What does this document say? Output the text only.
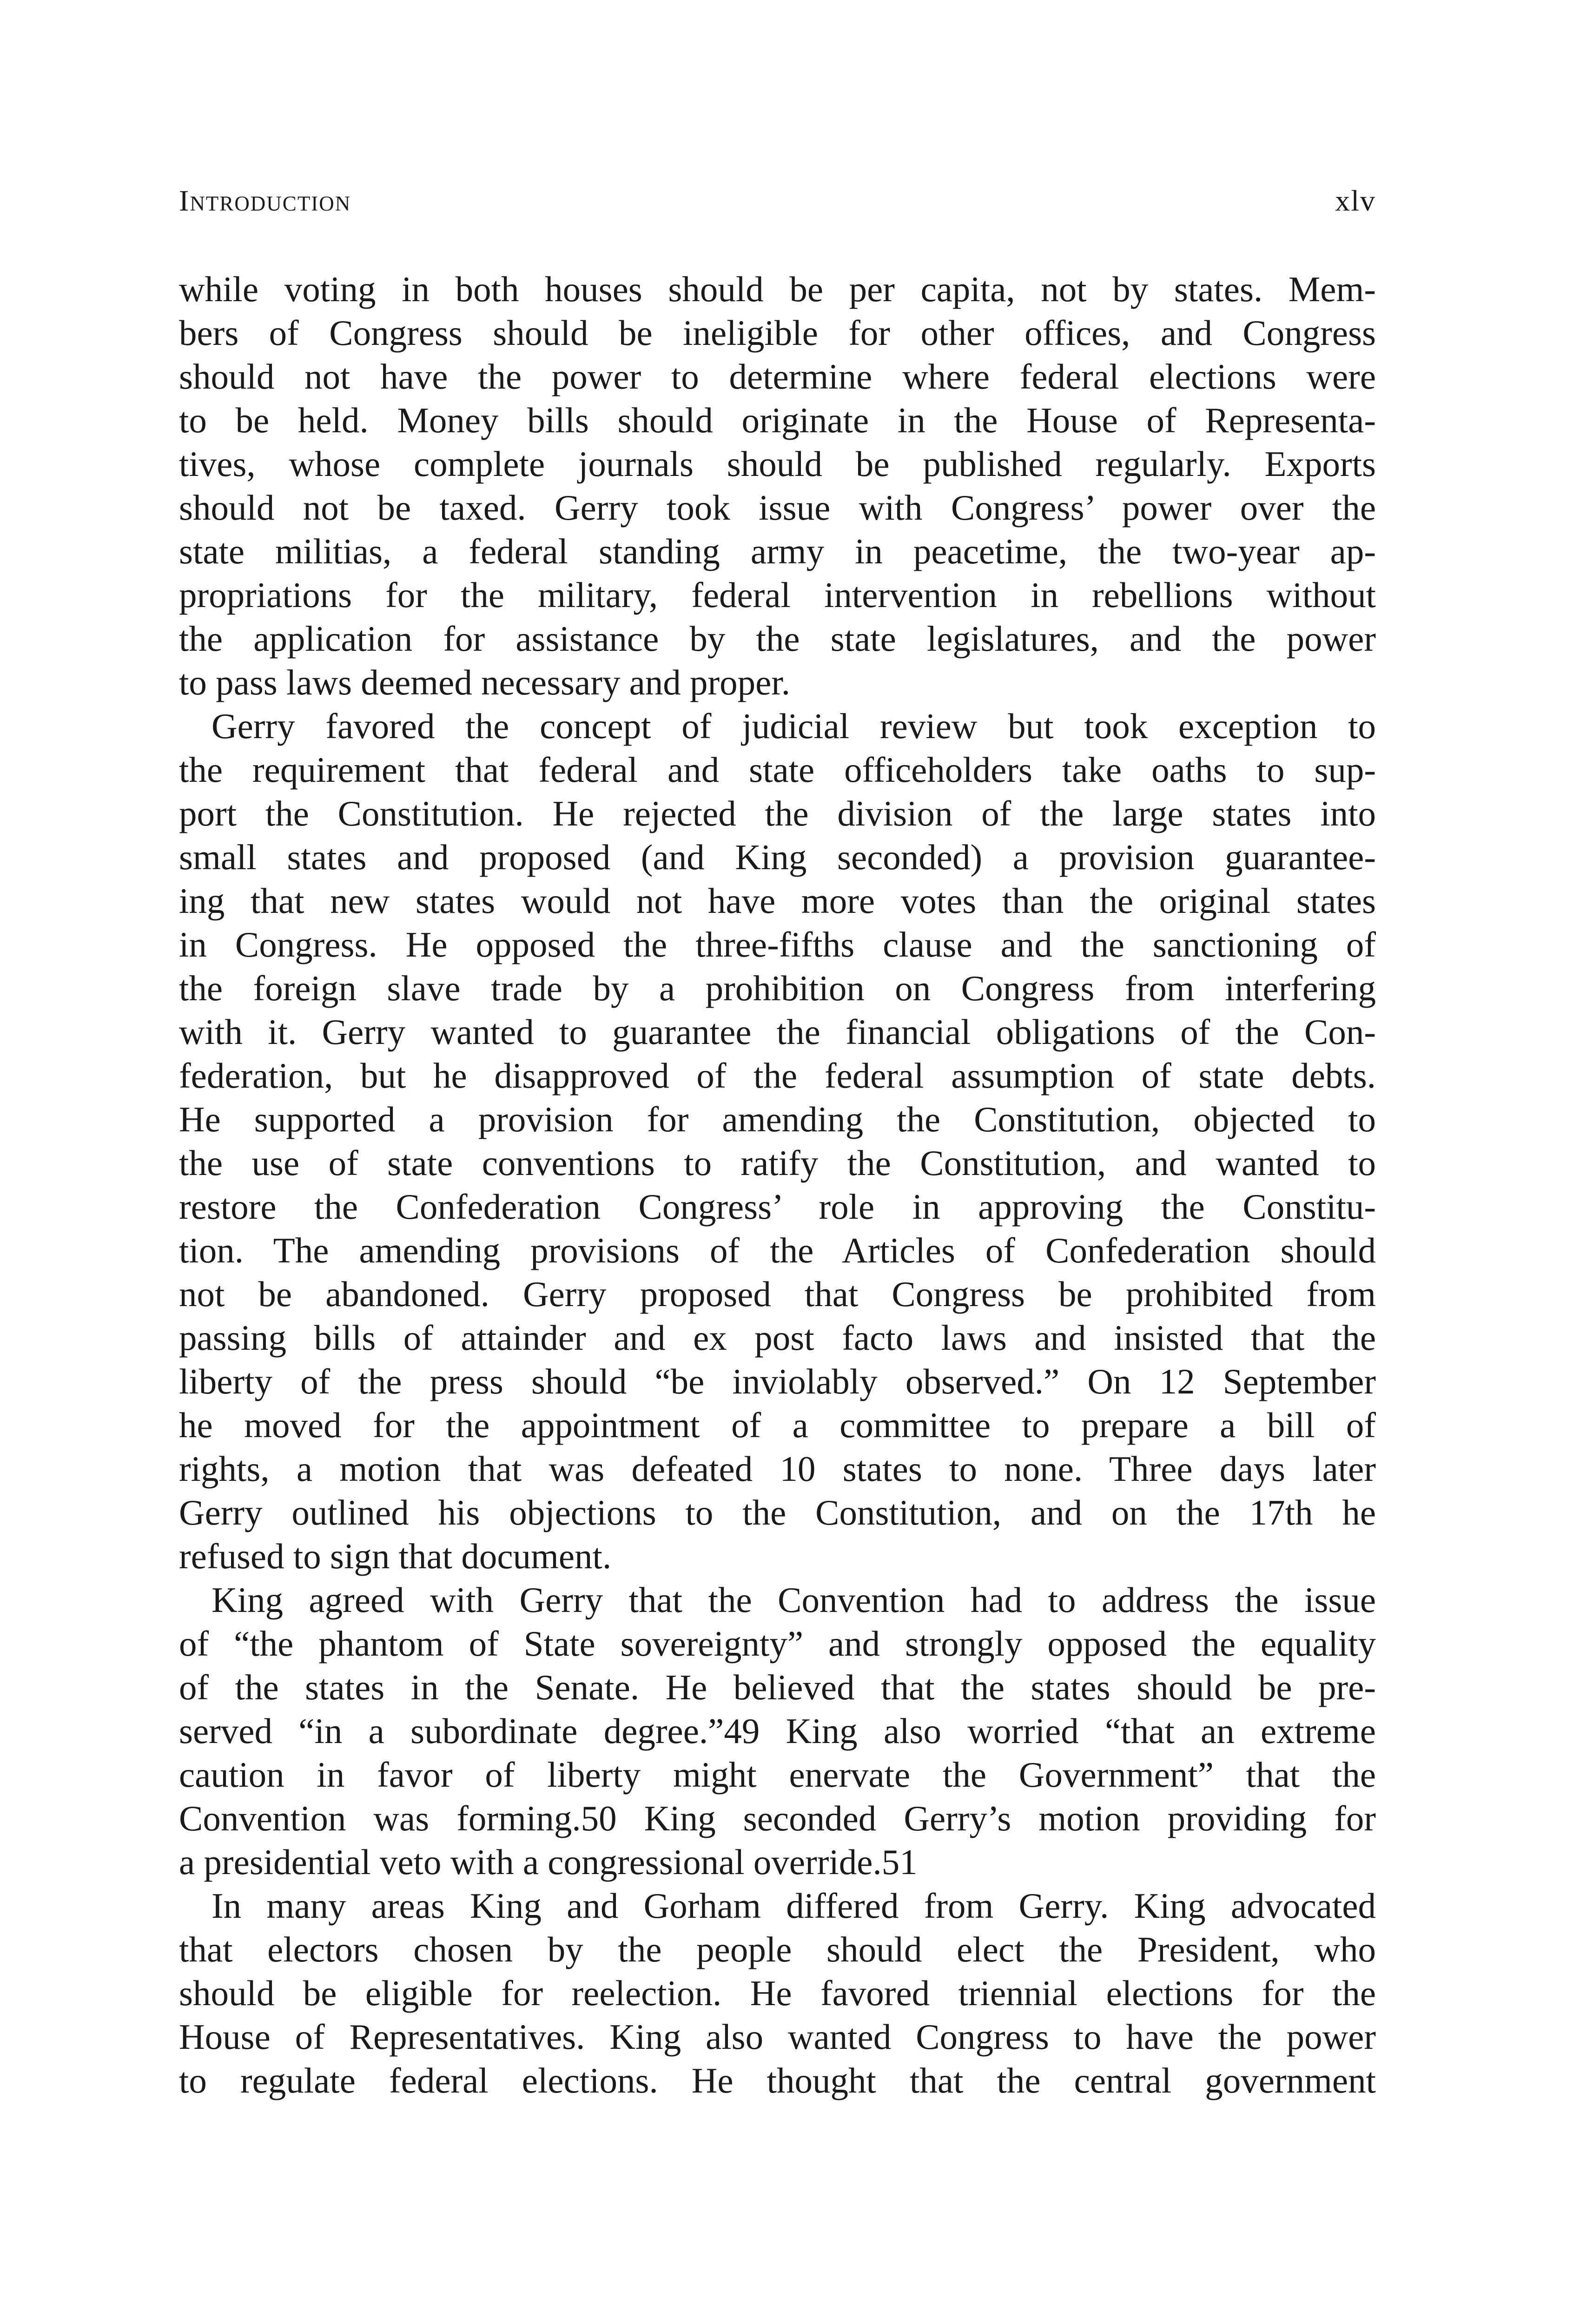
Introduction	xlv
while voting in both houses should be per capita, not by states. Mem-
bers of Congress should be ineligible for other offices, and Congress
should not have the power to determine where federal elections were
to be held. Money bills should originate in the House of Representa-
tives, whose complete journals should be published regularly. Exports
should not be taxed. Gerry took issue with Congress’ power over the
state militias, a federal standing army in peacetime, the two-year ap-
propriations for the military, federal intervention in rebellions without
the application for assistance by the state legislatures, and the power
to pass laws deemed necessary and proper.
Gerry favored the concept of judicial review but took exception to
the requirement that federal and state officeholders take oaths to sup-
port the Constitution. He rejected the division of the large states into
small states and proposed (and King seconded) a provision guarantee-
ing that new states would not have more votes than the original states
in Congress. He opposed the three-fifths clause and the sanctioning of
the foreign slave trade by a prohibition on Congress from interfering
with it. Gerry wanted to guarantee the financial obligations of the Con-
federation, but he disapproved of the federal assumption of state debts.
He supported a provision for amending the Constitution, objected to
the use of state conventions to ratify the Constitution, and wanted to
restore the Confederation Congress’ role in approving the Constitu-
tion. The amending provisions of the Articles of Confederation should
not be abandoned. Gerry proposed that Congress be prohibited from
passing bills of attainder and ex post facto laws and insisted that the
liberty of the press should “be inviolably observed.” On 12 September
he moved for the appointment of a committee to prepare a bill of
rights, a motion that was defeated 10 states to none. Three days later
Gerry outlined his objections to the Constitution, and on the 17th he
refused to sign that document.
King agreed with Gerry that the Convention had to address the issue
of “the phantom of State sovereignty” and strongly opposed the equality
of the states in the Senate. He believed that the states should be pre-
served “in a subordinate degree.”49 King also worried “that an extreme
caution in favor of liberty might enervate the Government” that the
Convention was forming.50 King seconded Gerry’s motion providing for
a presidential veto with a congressional override.51
In many areas King and Gorham differed from Gerry. King advocated
that electors chosen by the people should elect the President, who
should be eligible for reelection. He favored triennial elections for the
House of Representatives. King also wanted Congress to have the power
to regulate federal elections. He thought that the central government
